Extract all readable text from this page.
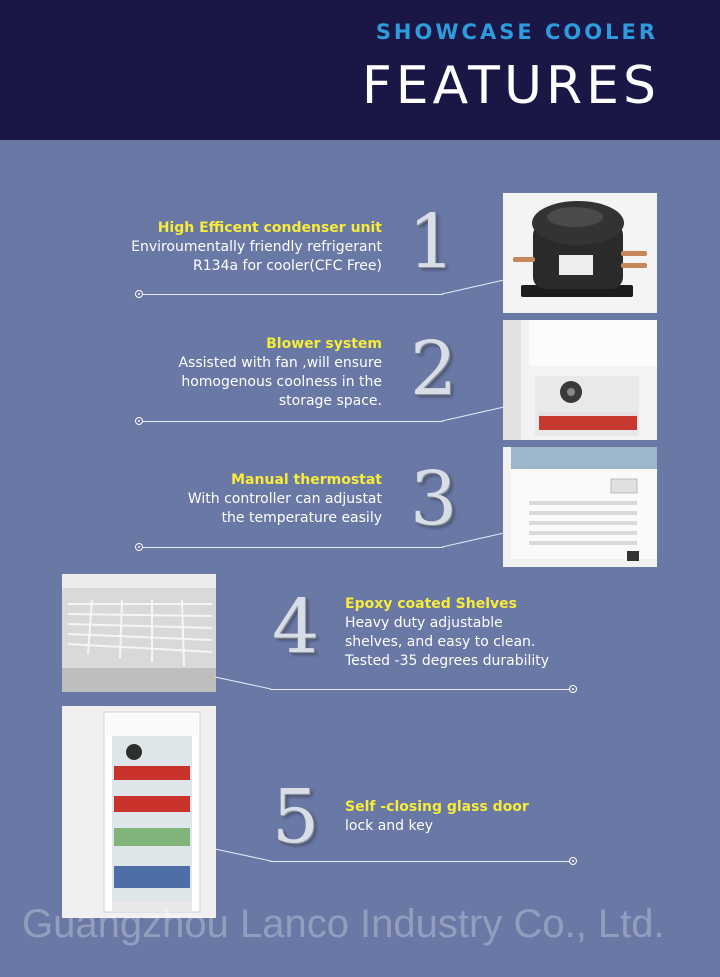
SHOWCASE COOLER
FEATURES
High Efficent condenser unit
Enviroumentally friendly refrigerant
R134a for cooler(CFC Free) 1
Blower system
Assisted with fan ,will ensure
homogenous coolness in the
storage space. 2
Manual thermostat
With controller can adjustat
the temperature easily 3
4 Epoxy coated Shelves
Heavy duty adjustable
shelves, and easy to clean.
Tested -35 degrees durability
5 Self -closing glass door
lock and key
Guangzhou Lanco Industry Co., Ltd.
